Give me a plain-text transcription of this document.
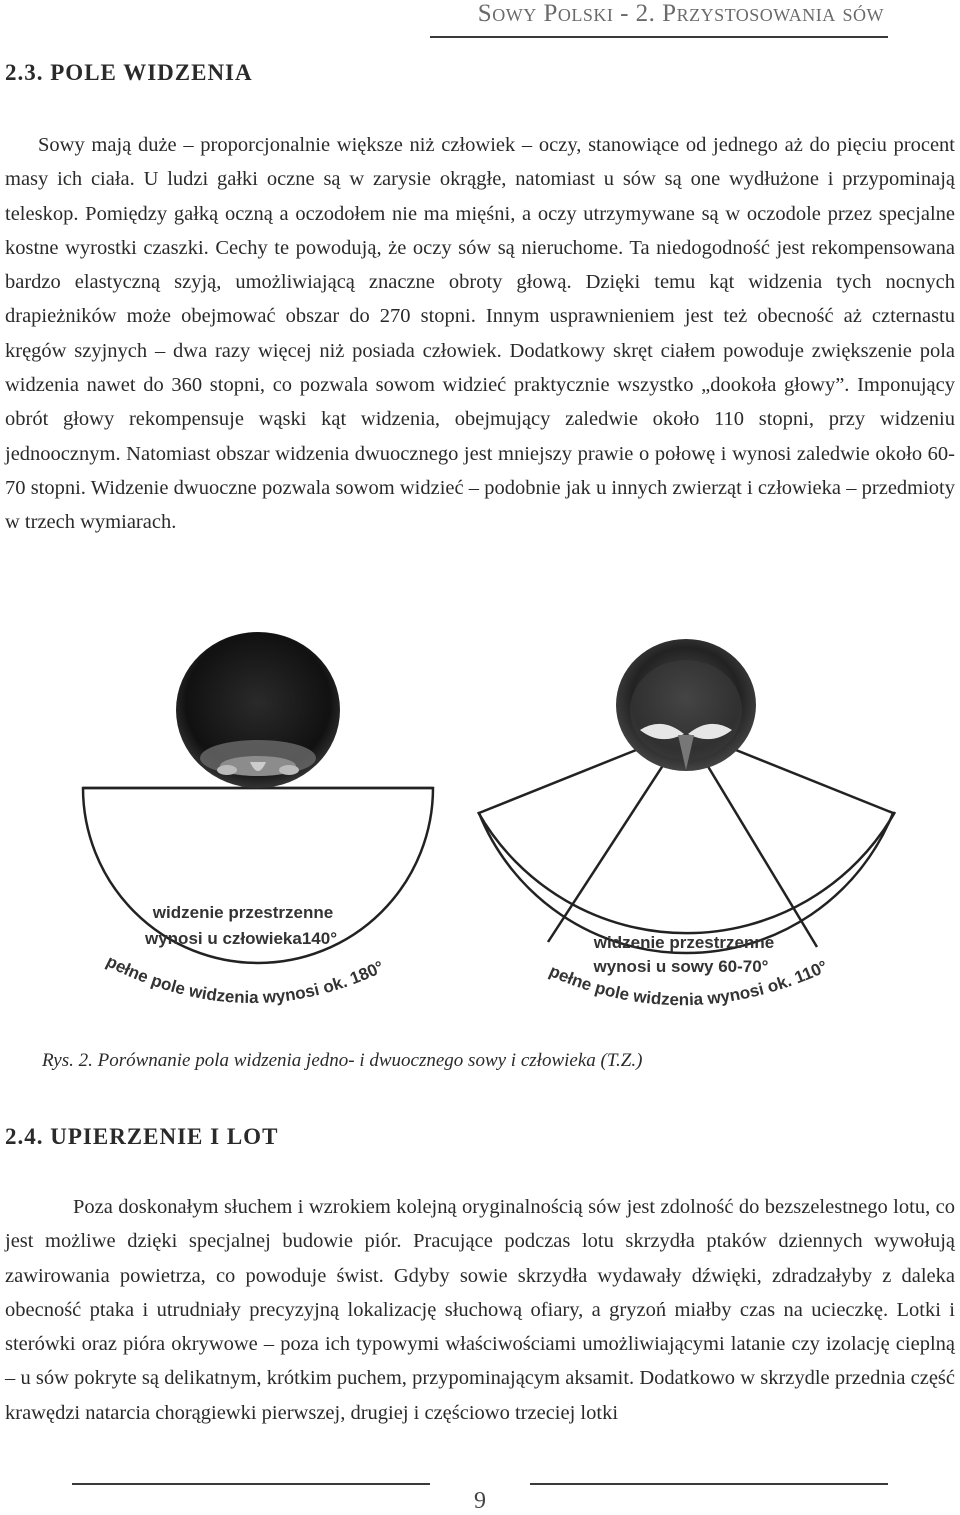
Sowy Polski - 2. Przystosowania sów
2.3. POLE WIDZENIA

Sowy mają duże – proporcjonalnie większe niż człowiek – oczy, stanowiące od jednego aż do pięciu procent masy ich ciała. U ludzi gałki oczne są w zarysie okrągłe, natomiast u sów są one wydłużone i przypominają teleskop. Pomiędzy gałką oczną a oczodołem nie ma mięśni, a oczy utrzymywane są w oczodole przez specjalne kostne wyrostki czaszki. Cechy te powodują, że oczy sów są nieruchome. Ta niedogodność jest rekompensowana bardzo elastyczną szyją, umożliwiającą znaczne obroty głową. Dzięki temu kąt widzenia tych nocnych drapieżników może obejmować obszar do 270 stopni. Innym usprawnieniem jest też obecność aż czternastu kręgów szyjnych – dwa razy więcej niż posiada człowiek. Dodatkowy skręt ciałem powoduje zwiększenie pola widzenia nawet do 360 stopni, co pozwala sowom widzieć praktycznie wszystko „dookoła głowy”. Imponujący obrót głowy rekompensuje wąski kąt widzenia, obejmujący zaledwie około 110 stopni, przy widzeniu jednoocznym. Natomiast obszar widzenia dwuocznego jest mniejszy prawie o połowę i wynosi zaledwie około 60-70 stopni. Widzenie dwuoczne pozwala sowom widzieć – podobnie jak u innych zwierząt i człowieka – przedmioty w trzech wymiarach.

widzenie przestrzenne
wynosi u człowieka140°
pełne pole widzenia wynosi ok. 180°
widzenie przestrzenne
wynosi u sowy 60-70°
pełne pole widzenia wynosi ok. 110°
Rys. 2. Porównanie pola widzenia jedno- i dwuocznego sowy i człowieka (T.Z.)
2.4. UPIERZENIE I LOT

Poza doskonałym słuchem i wzrokiem kolejną oryginalnością sów jest zdolność do bezszelestnego lotu, co jest możliwe dzięki specjalnej budowie piór. Pracujące podczas lotu skrzydła ptaków dziennych wywołują zawirowania powietrza, co powoduje świst. Gdyby sowie skrzydła wydawały dźwięki, zdradzałyby z daleka obecność ptaka i utrudniały precyzyjną lokalizację słuchową ofiary, a gryzoń miałby czas na ucieczkę. Lotki i sterówki oraz pióra okrywowe – poza ich typowymi właściwościami umożliwiającymi latanie czy izolację cieplną – u sów pokryte są delikatnym, krótkim puchem, przypominającym aksamit. Dodatkowo w skrzydle przednia część krawędzi natarcia chorągiewki pierwszej, drugiej i częściowo trzeciej lotki

9
